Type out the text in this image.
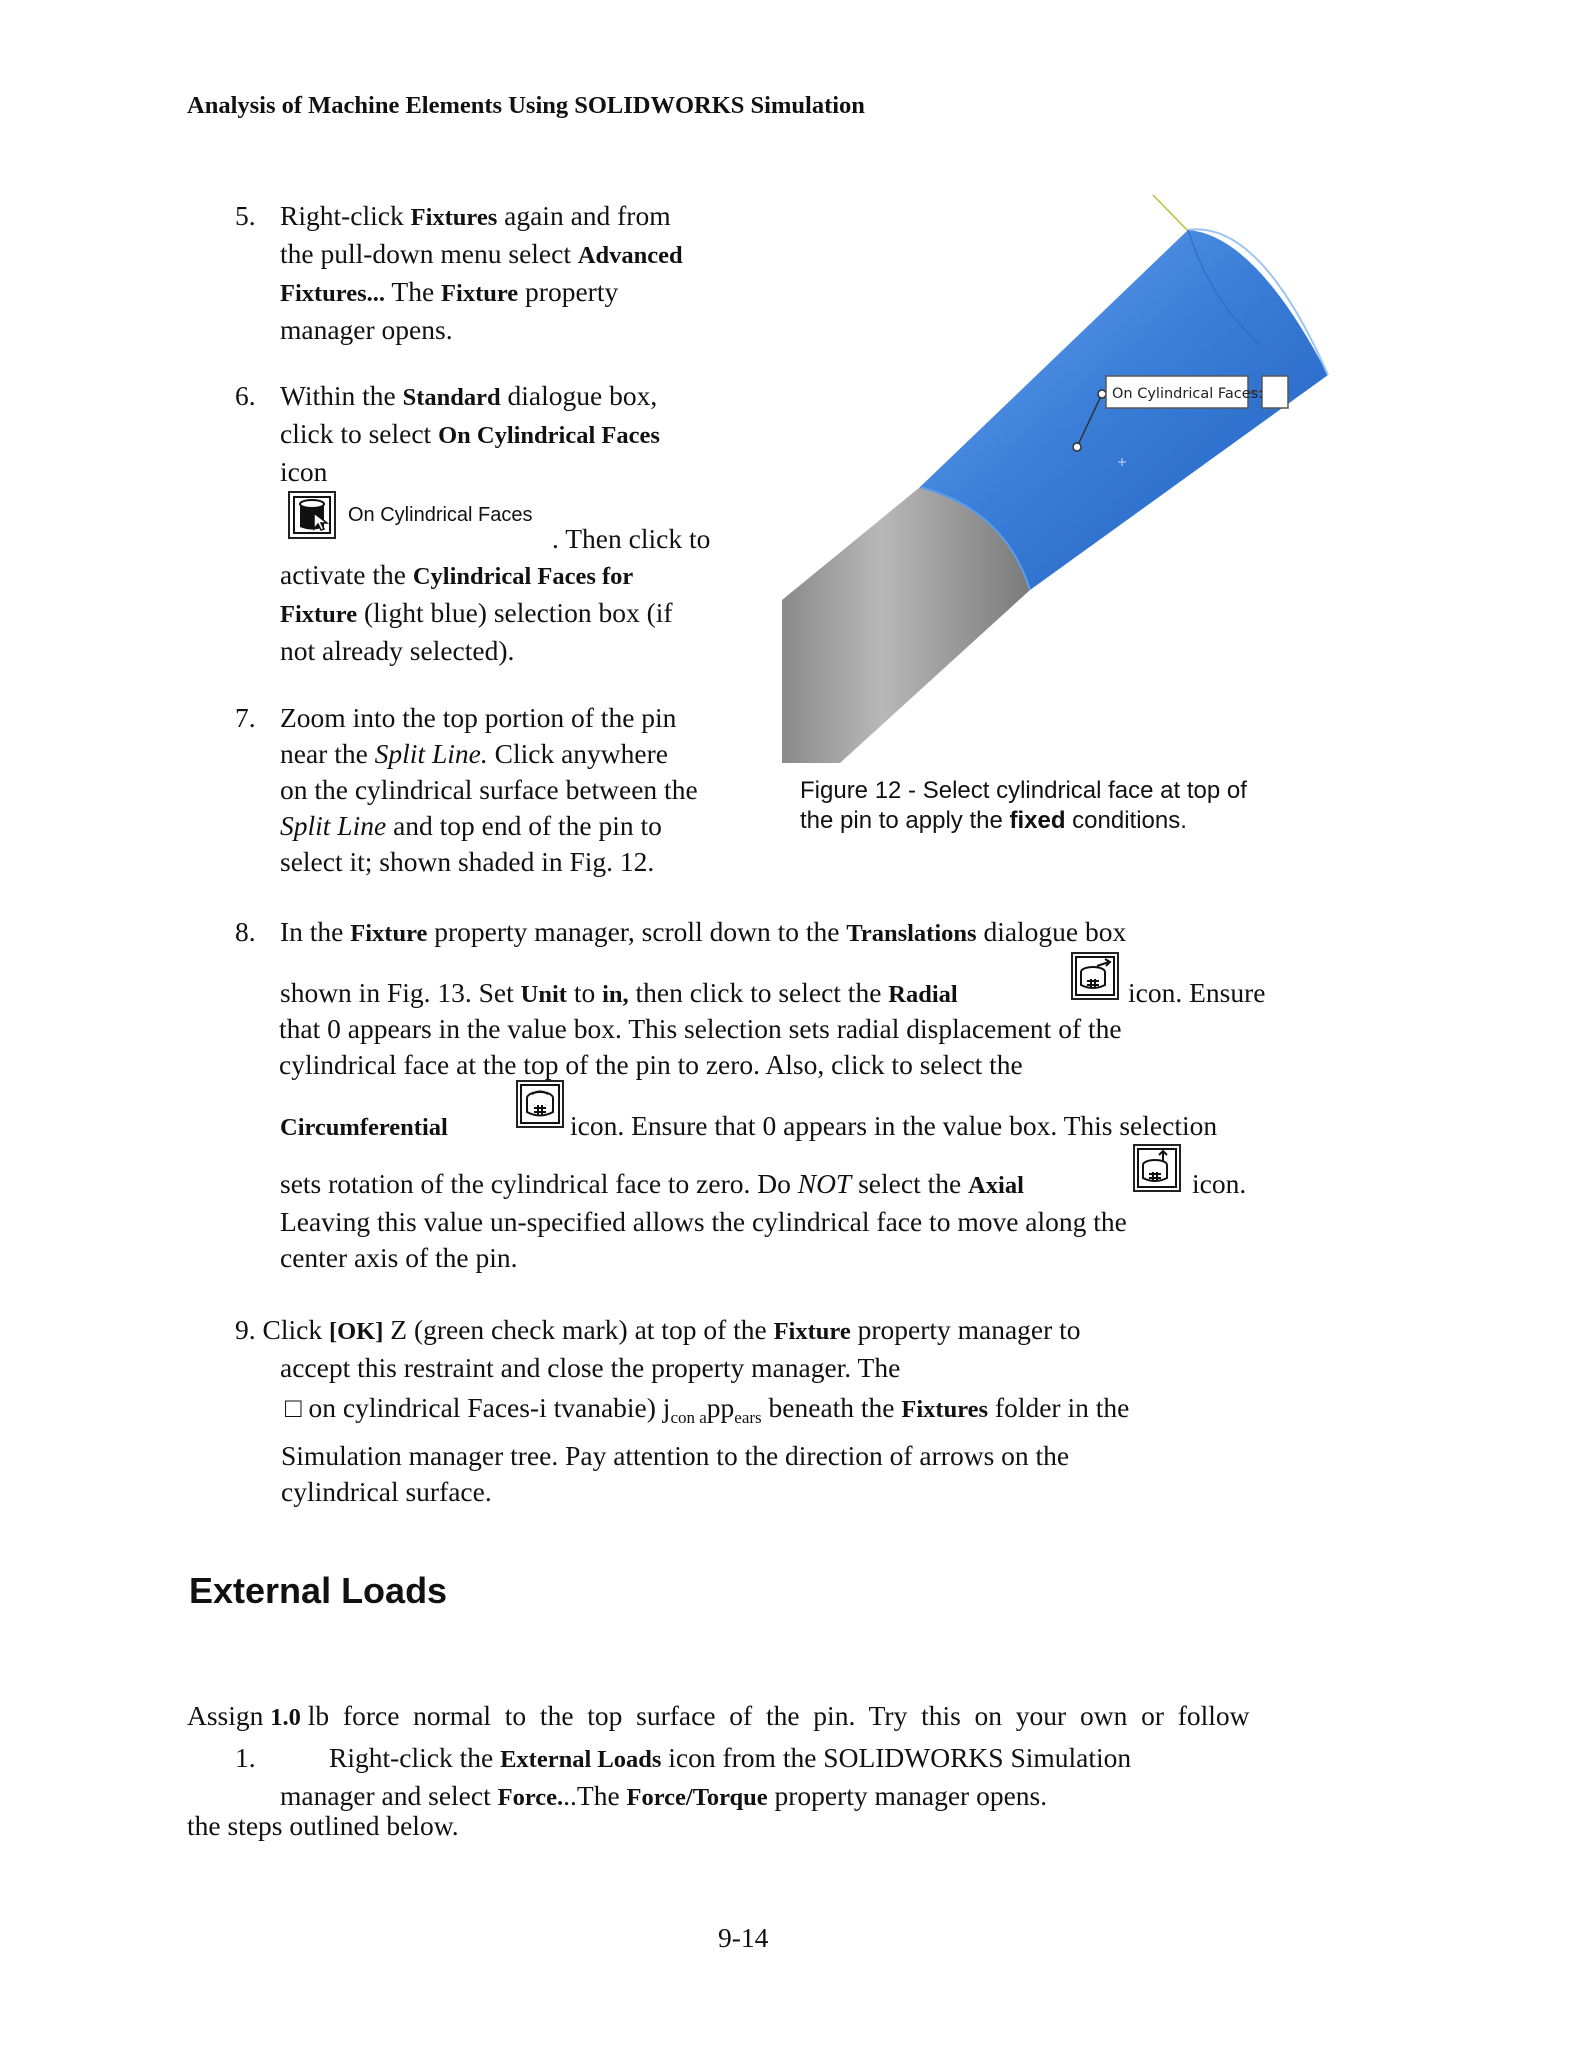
Analysis of Machine Elements Using SOLIDWORKS Simulation
5. Right-click Fixtures again and from
the pull-down menu select Advanced
Fixtures... The Fixture property
manager opens.
6. Within the Standard dialogue box,
click to select On Cylindrical Faces
icon
On Cylindrical Faces
. Then click to
activate the Cylindrical Faces for
Fixture (light blue) selection box (if
not already selected).
7. Zoom into the top portion of the pin
near the Split Line. Click anywhere
on the cylindrical surface between the
Split Line and top end of the pin to
select it; shown shaded in Fig. 12.
On Cylindrical Faces:
+
Figure 12 - Select cylindrical face at top of
the pin to apply the fixed conditions.
8. In the Fixture property manager, scroll down to the Translations dialogue box
shown in Fig. 13. Set Unit to in, then click to select the Radial	icon. Ensure
that 0 appears in the value box. This selection sets radial displacement of the
cylindrical face at the top of the pin to zero. Also, click to select the
Circumferential	icon. Ensure that 0 appears in the value box. This selection
sets rotation of the cylindrical face to zero. Do NOT select the Axial	icon.
Leaving this value un-specified allows the cylindrical face to move along the
center axis of the pin.
9. Click [OK] Z (green check mark) at top of the Fixture property manager to
accept this restraint and close the property manager. The
□ on cylindrical Faces-i tvanabie) $j_{con a}pp_{ears}$ beneath the Fixtures folder in the
Simulation manager tree. Pay attention to the direction of arrows on the
cylindrical surface.
External Loads

Assign 1.0 lb  force  normal  to  the  top  surface  of  the  pin.  Try  this  on  your  own  or  follow

the steps outlined below.

1.	Right-click the External Loads icon from the SOLIDWORKS Simulation
manager and select Force...The Force/Torque property manager opens.
9-14
